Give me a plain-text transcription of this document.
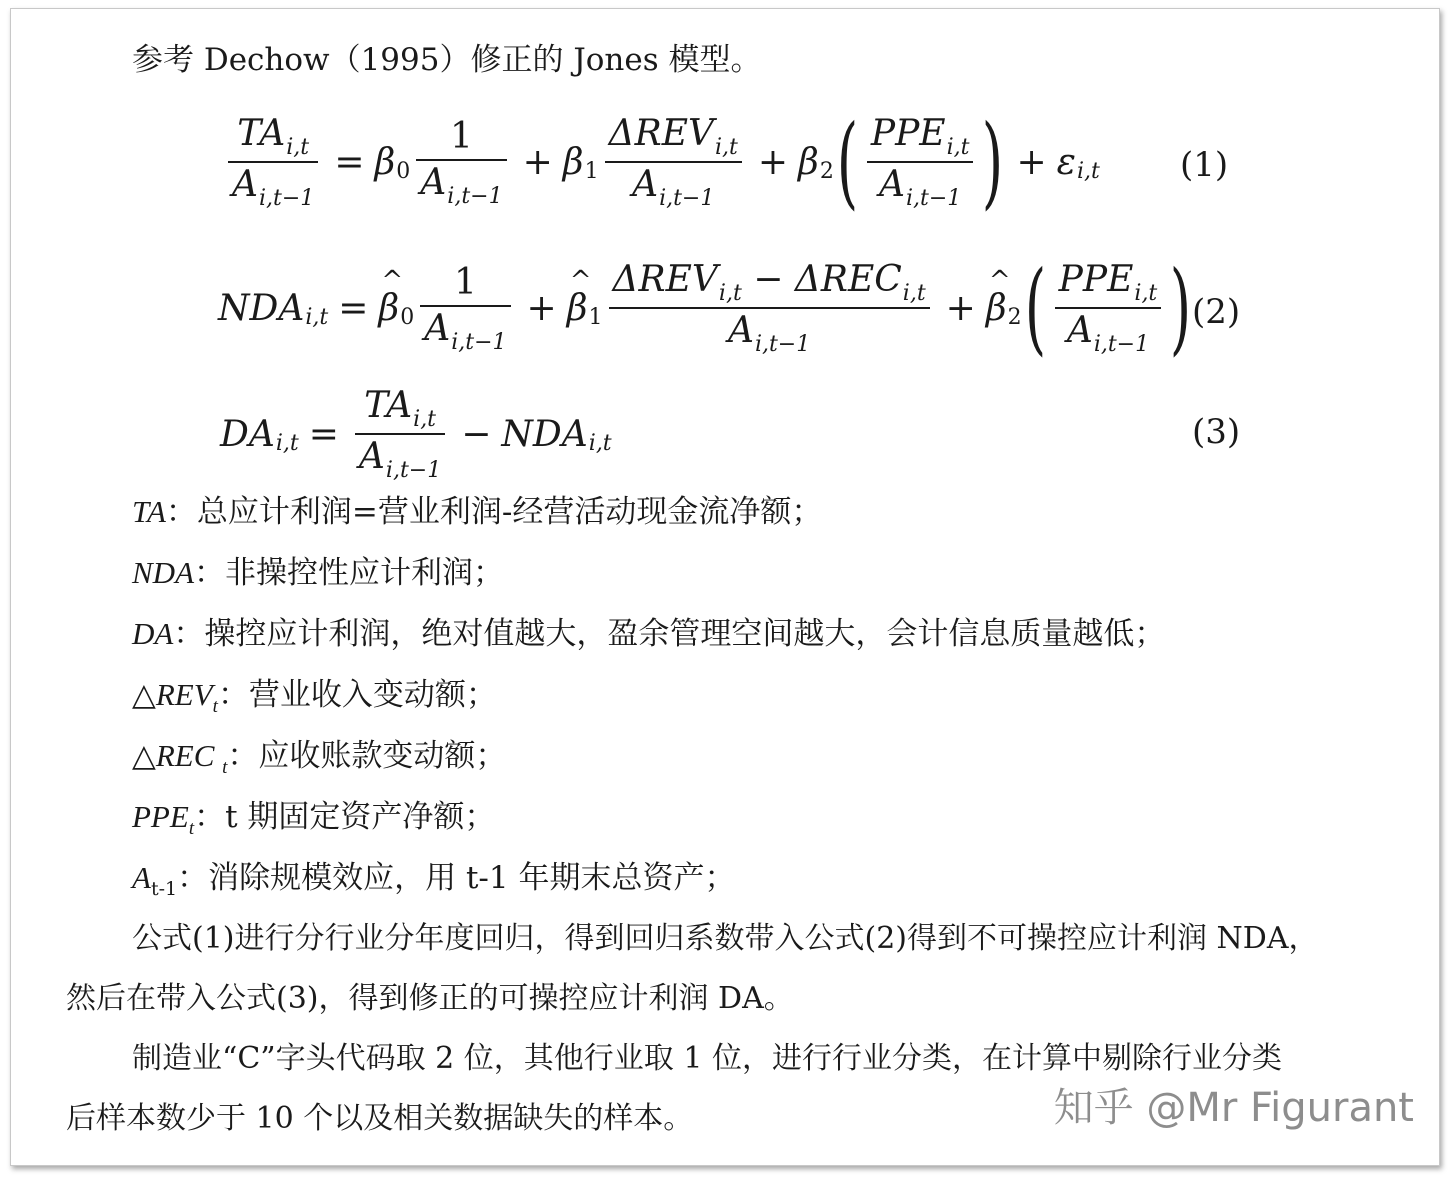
参考 Dechow（1995）修正的 Jones 模型。
$\frac{TA_{i,t}}{A_{i,t-1}} = \beta$ $0 \frac{1}{A_{i,t-1}} + \beta$ $1 \frac{\Delta REV_{i,t}}{A_{i,t-1}} + \beta$ 2 ( $\frac{PPE_{i,t}}{A_{i,t-1}}$ ) + ε i,t (1)
NDA i,t = ^ β $0 \frac{1}{A_{i,t-1}}$ + ^ β $1 \frac{\Delta REV_{i,t} - \Delta REC_{i,t}}{A_{i,t-1}}$ + ^ β 2 ( $\frac{PPE_{i,t}}{A_{i,t-1}}$ ) (2)
DA $i,t = \frac{TA_{i,t}}{A_{i,t-1}}$ − NDA i,t	(3)
TA：总应计利润=营业利润-经营活动现金流净额；
NDA：非操控性应计利润；
DA：操控应计利润，绝对值越大，盈余管理空间越大，会计信息质量越低；
$\triangle REV_t$：营业收入变动额；
△REC $_t$：应收账款变动额；
$PPE_t$：t 期固定资产净额；
$A_{t-1}$：消除规模效应，用 t-1 年期末总资产；
公式(1)进行分行业分年度回归，得到回归系数带入公式(2)得到不可操控应计利润 NDA，
然后在带入公式(3)，得到修正的可操控应计利润 DA。
制造业“C”字头代码取 2 位，其他行业取 1 位，进行行业分类，在计算中剔除行业分类
后样本数少于 10 个以及相关数据缺失的样本。	知乎 @Mr Figurant
